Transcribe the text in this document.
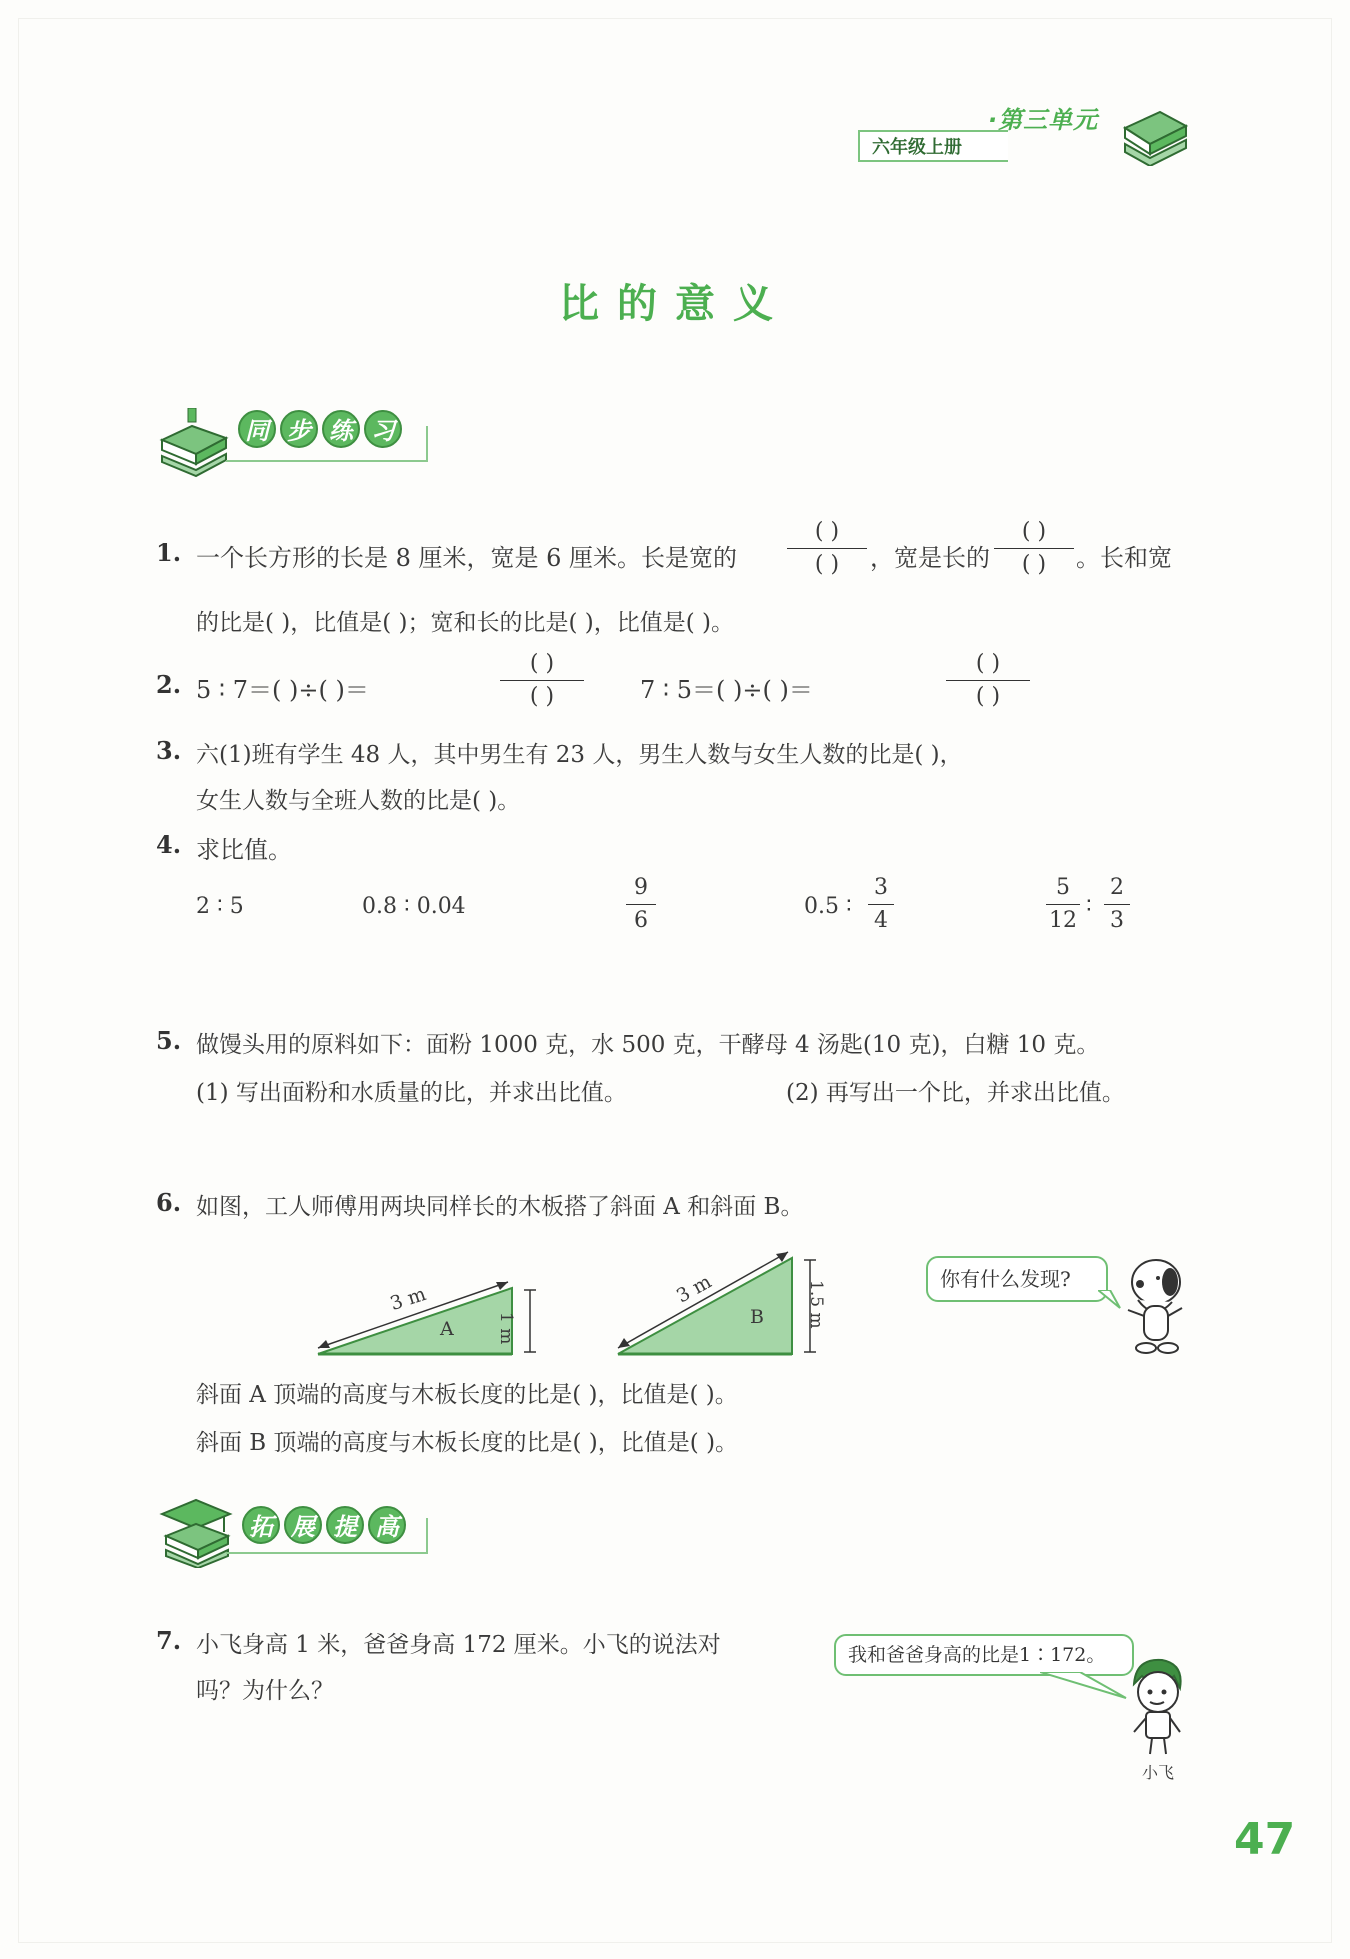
六年级上册
·第三单元
比的意义
同 步 练 习
1. 一个长方形的长是 8 厘米，宽是 6 厘米。长是宽的
( )
( )	，宽是长的
( )
( )	。长和宽
的比是( )，比值是( )；宽和长的比是( )，比值是( )。
2. 5 ∶ 7＝( )÷( )＝
( )
( )	7 ∶ 5＝( )÷( )＝
( )
( )
3. 六(1)班有学生 48 人，其中男生有 23 人，男生人数与女生人数的比是( )，
女生人数与全班人数的比是( )。
4. 求比值。
2 ∶ 5	0.8 ∶ 0.04
9
6
0.5 ∶
3
4
5
12
∶
2
3
5. 做馒头用的原料如下：面粉 1000 克，水 500 克，干酵母 4 汤匙(10 克)，白糖 10 克。
(1) 写出面粉和水质量的比，并求出比值。	(2) 再写出一个比，并求出比值。
6. 如图，工人师傅用两块同样长的木板搭了斜面 A 和斜面 B。
3 m
A 1 m
3 m
B 1.5 m
你有什么发现?
斜面 A 顶端的高度与木板长度的比是( )，比值是( )。
斜面 B 顶端的高度与木板长度的比是( )，比值是( )。
拓 展 提 高
7. 小飞身高 1 米，爸爸身高 172 厘米。小飞的说法对
吗？为什么？
我和爸爸身高的比是1∶172。
小飞
47
